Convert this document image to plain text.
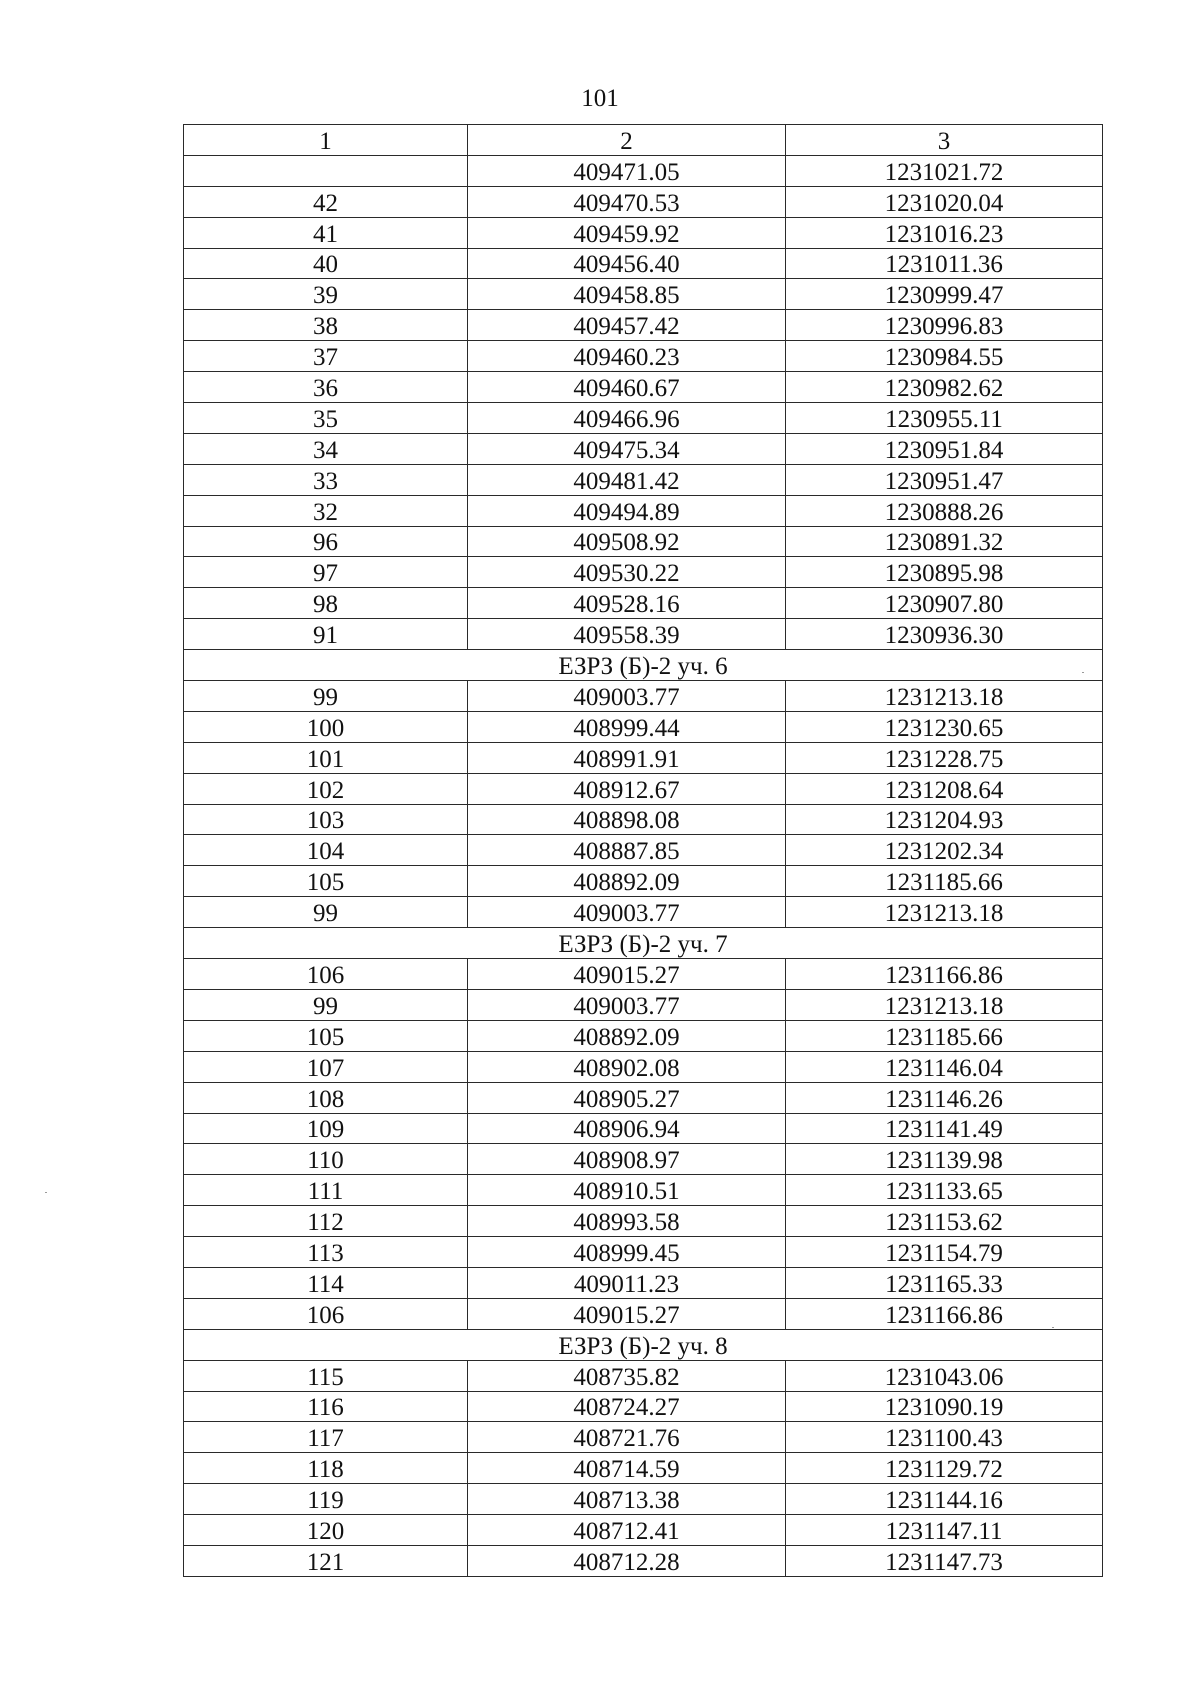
101
1	2	3
	409471.05	1231021.72
42	409470.53	1231020.04
41	409459.92	1231016.23
40	409456.40	1231011.36
39	409458.85	1230999.47
38	409457.42	1230996.83
37	409460.23	1230984.55
36	409460.67	1230982.62
35	409466.96	1230955.11
34	409475.34	1230951.84
33	409481.42	1230951.47
32	409494.89	1230888.26
96	409508.92	1230891.32
97	409530.22	1230895.98
98	409528.16	1230907.80
91	409558.39	1230936.30
ЕЗРЗ (Б)-2 уч. 6		
99	409003.77	1231213.18
100	408999.44	1231230.65
101	408991.91	1231228.75
102	408912.67	1231208.64
103	408898.08	1231204.93
104	408887.85	1231202.34
105	408892.09	1231185.66
99	409003.77	1231213.18
ЕЗРЗ (Б)-2 уч. 7		
106	409015.27	1231166.86
99	409003.77	1231213.18
105	408892.09	1231185.66
107	408902.08	1231146.04
108	408905.27	1231146.26
109	408906.94	1231141.49
110	408908.97	1231139.98
111	408910.51	1231133.65
112	408993.58	1231153.62
113	408999.45	1231154.79
114	409011.23	1231165.33
106	409015.27	1231166.86
ЕЗРЗ (Б)-2 уч. 8		
115	408735.82	1231043.06
116	408724.27	1231090.19
117	408721.76	1231100.43
118	408714.59	1231129.72
119	408713.38	1231144.16
120	408712.41	1231147.11
121	408712.28	1231147.73
